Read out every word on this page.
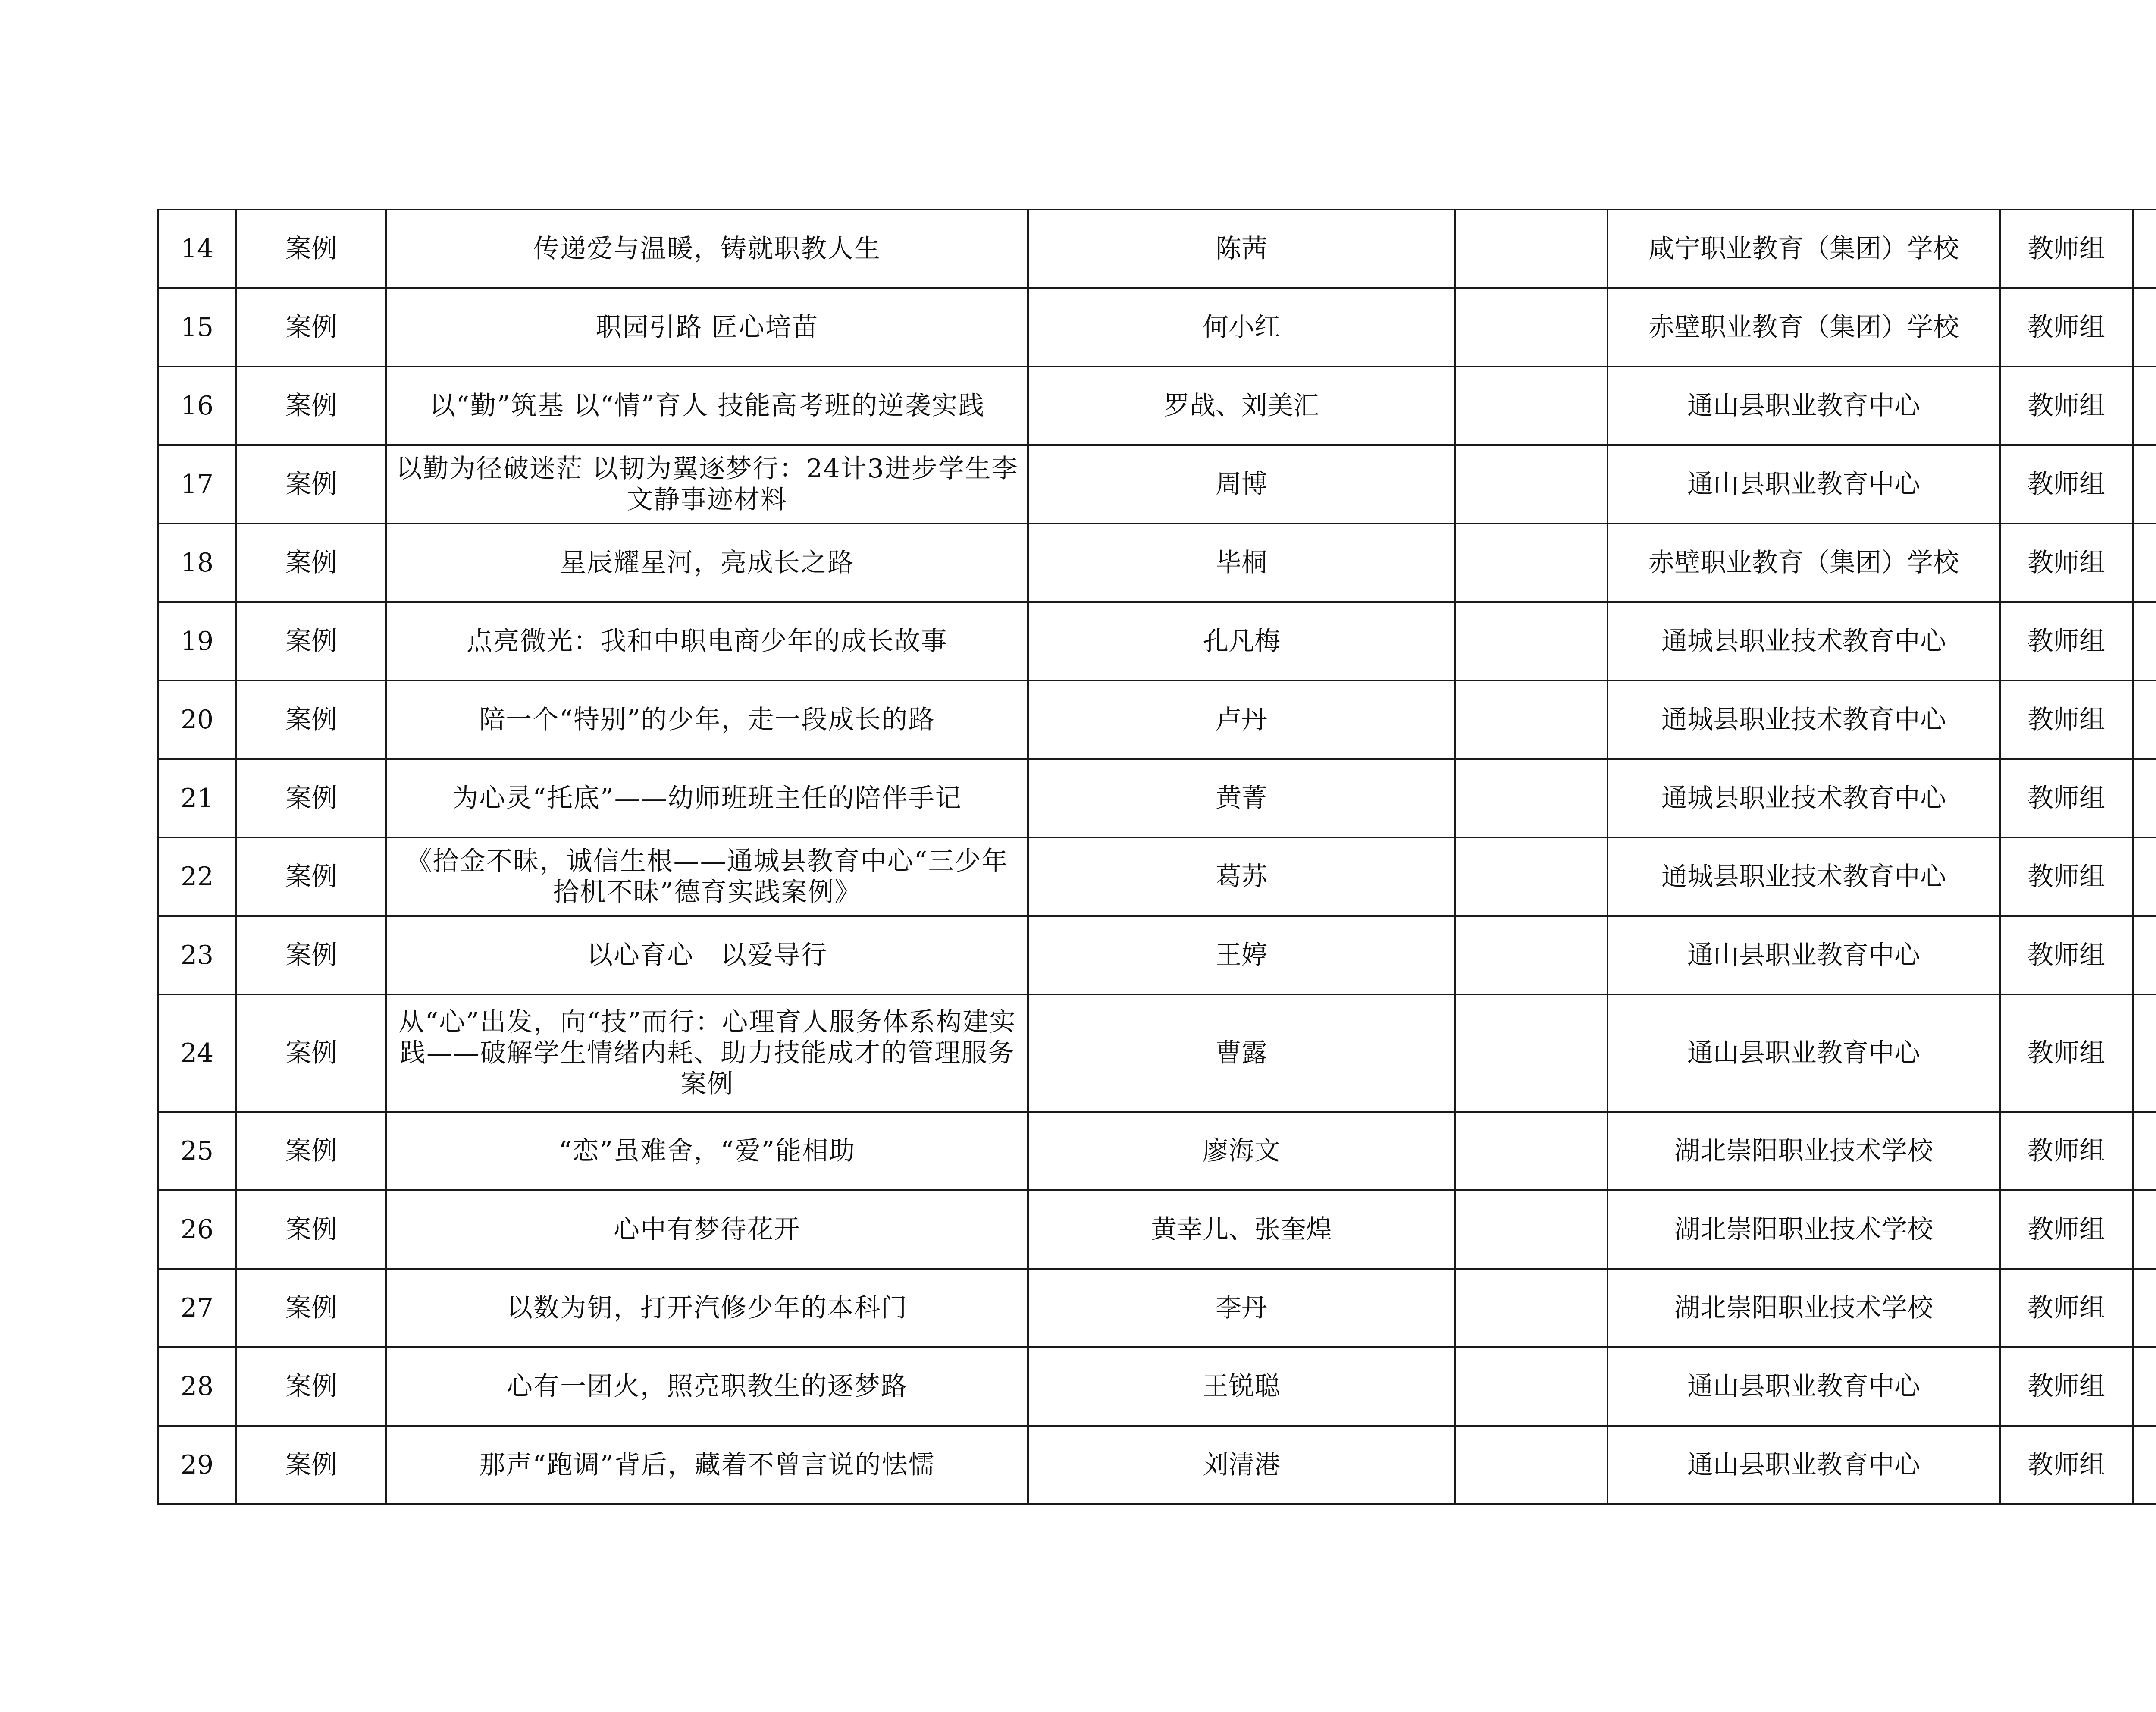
14	案例	传递爱与温暖，铸就职教人生	陈茜		咸宁职业教育（集团）学校	教师组	
15	案例	职园引路 匠心培苗	何小红		赤壁职业教育（集团）学校	教师组	
16	案例	以“勤”筑基 以“情”育人 技能高考班的逆袭实践	罗战、刘美汇		通山县职业教育中心	教师组	
17	案例	以勤为径破迷茫 以韧为翼逐梦行：24计3进步学生李文静事迹材料	周博		通山县职业教育中心	教师组	
18	案例	星辰耀星河，亮成长之路	毕桐		赤壁职业教育（集团）学校	教师组	
19	案例	点亮微光：我和中职电商少年的成长故事	孔凡梅		通城县职业技术教育中心	教师组	
20	案例	陪一个“特别”的少年，走一段成长的路	卢丹		通城县职业技术教育中心	教师组	
21	案例	为心灵“托底”——幼师班班主任的陪伴手记	黄菁		通城县职业技术教育中心	教师组	
22	案例	《拾金不昧，诚信生根——通城县教育中心“三少年拾机不昧”德育实践案例》	葛苏		通城县职业技术教育中心	教师组	
23	案例	以心育心　以爱导行	王婷		通山县职业教育中心	教师组	
24	案例	从“心”出发，向“技”而行：心理育人服务体系构建实践——破解学生情绪内耗、助力技能成才的管理服务案例	曹露		通山县职业教育中心	教师组	
25	案例	“恋”虽难舍，“爱”能相助	廖海文		湖北崇阳职业技术学校	教师组	
26	案例	心中有梦待花开	黄幸儿、张奎煌		湖北崇阳职业技术学校	教师组	
27	案例	以数为钥，打开汽修少年的本科门	李丹		湖北崇阳职业技术学校	教师组	
28	案例	心有一团火，照亮职教生的逐梦路	王锐聪		通山县职业教育中心	教师组	
29	案例	那声“跑调”背后，藏着不曾言说的怯懦	刘清港		通山县职业教育中心	教师组	
